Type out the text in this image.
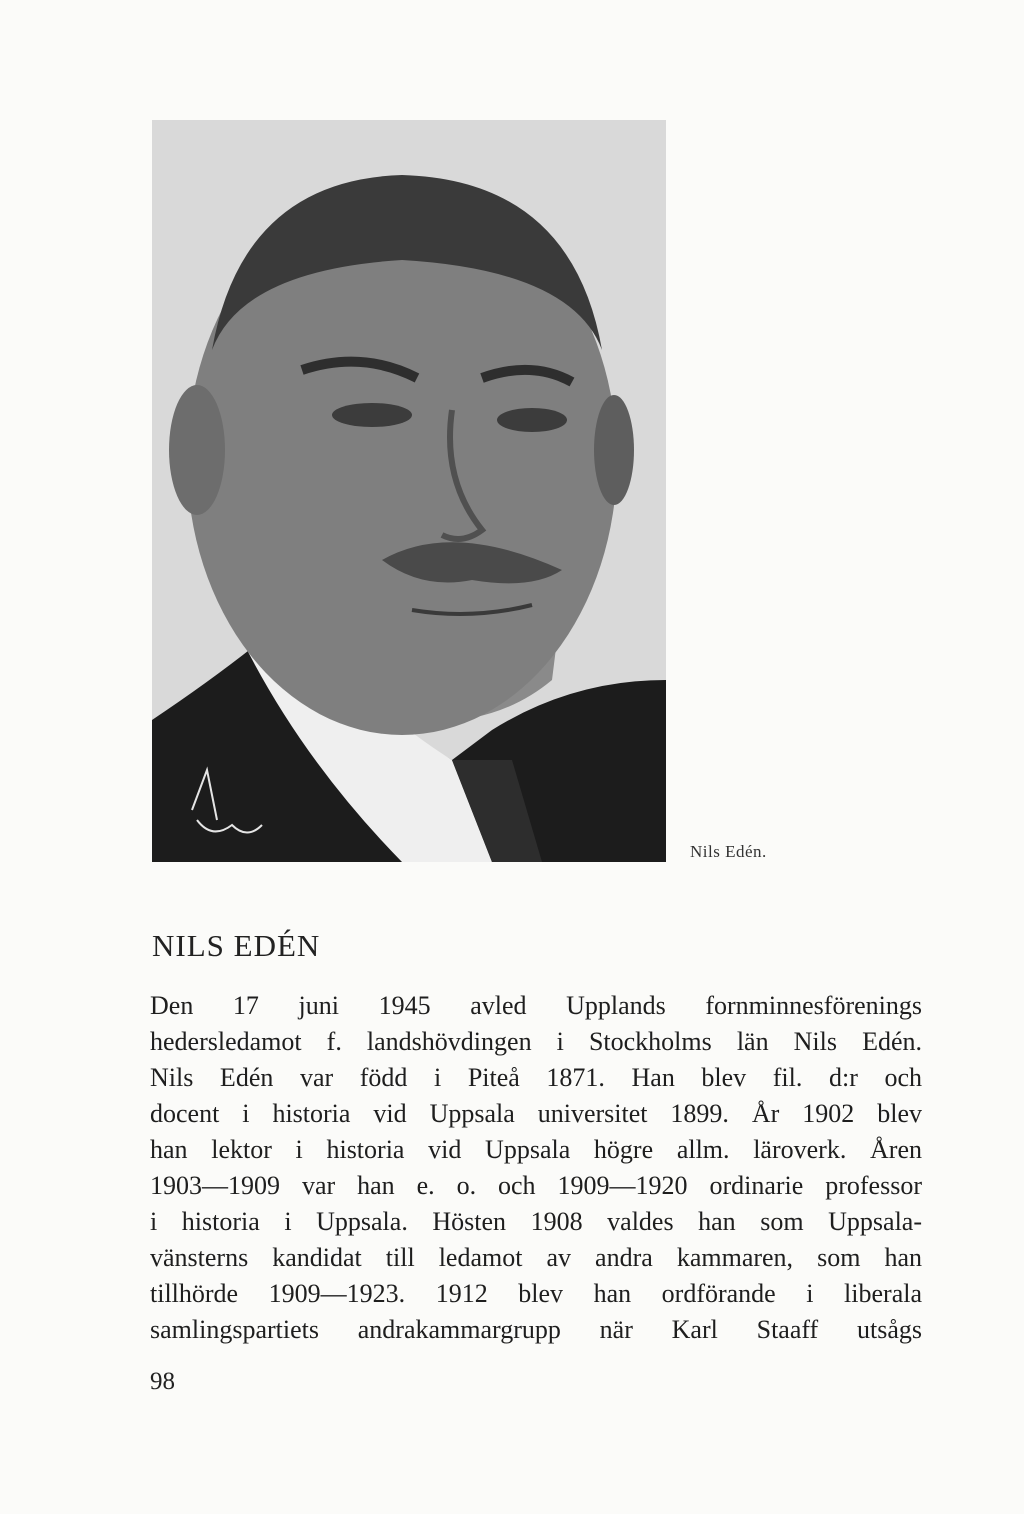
Nils Edén.
NILS EDÉN

Den 17 juni 1945 avled Upplands fornminnesförenings
hedersledamot f. landshövdingen i Stockholms län Nils Edén.
Nils Edén var född i Piteå 1871. Han blev fil. d:r och
docent i historia vid Uppsala universitet 1899. År 1902 blev
han lektor i historia vid Uppsala högre allm. läroverk. Åren
1903—1909 var han e. o. och 1909—1920 ordinarie professor
i historia i Uppsala. Hösten 1908 valdes han som Uppsala-
vänsterns kandidat till ledamot av andra kammaren, som han
tillhörde 1909—1923. 1912 blev han ordförande i liberala
samlingspartiets andrakammargrupp när Karl Staaff utsågs

98
